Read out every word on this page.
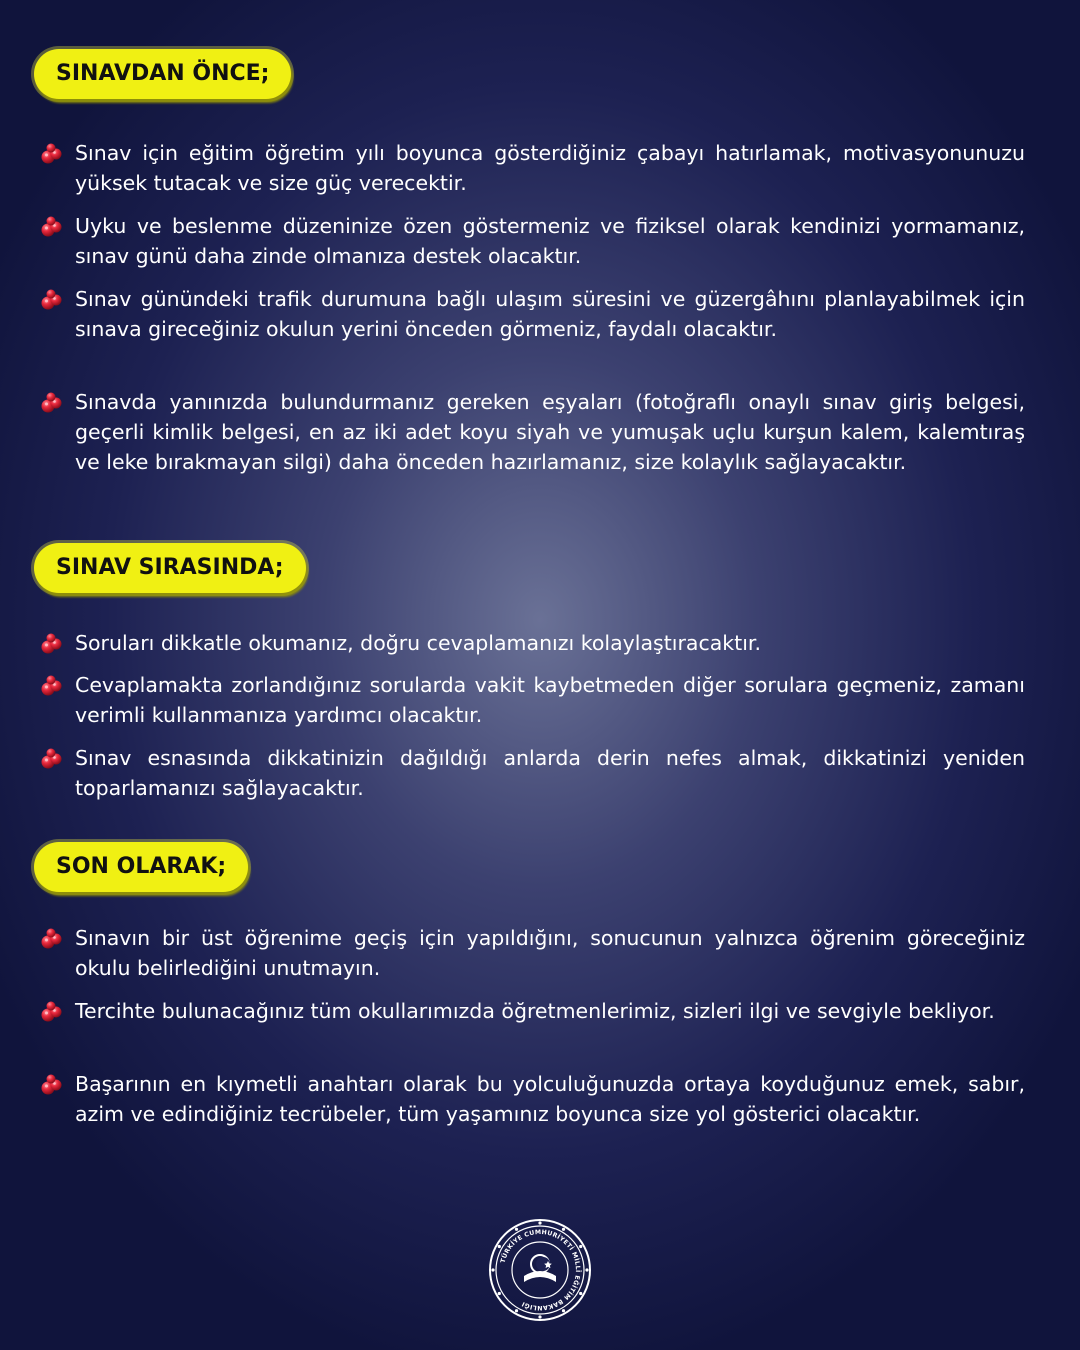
SINAVDAN ÖNCE;
Sınav için eğitim öğretim yılı boyunca gösterdiğiniz çabayı hatırlamak, motivasyonunuzu yüksek tutacak ve size güç verecektir.
Uyku ve beslenme düzeninize özen göstermeniz ve fiziksel olarak kendinizi yormamanız, sınav günü daha zinde olmanıza destek olacaktır.
Sınav günündeki trafik durumuna bağlı ulaşım süresini ve güzergâhını planlayabilmek için sınava gireceğiniz okulun yerini önceden görmeniz, faydalı olacaktır.
Sınavda yanınızda bulundurmanız gereken eşyaları (fotoğraflı onaylı sınav giriş belgesi, geçerli kimlik belgesi, en az iki adet koyu siyah ve yumuşak uçlu kurşun kalem, kalemtıraş ve leke bırakmayan silgi) daha önceden hazırlamanız, size kolaylık sağlayacaktır.
SINAV SIRASINDA;
Soruları dikkatle okumanız, doğru cevaplamanızı kolaylaştıracaktır.
Cevaplamakta zorlandığınız sorularda vakit kaybetmeden diğer sorulara geçmeniz, zamanı verimli kullanmanıza yardımcı olacaktır.
Sınav esnasında dikkatinizin dağıldığı anlarda derin nefes almak, dikkatinizi yeniden toparlamanızı sağlayacaktır.
SON OLARAK;
Sınavın bir üst öğrenime geçiş için yapıldığını, sonucunun yalnızca öğrenim göreceğiniz okulu belirlediğini unutmayın.
Tercihte bulunacağınız tüm okullarımızda öğretmenlerimiz, sizleri ilgi ve sevgiyle bekliyor.
Başarının en kıymetli anahtarı olarak bu yolculuğunuzda ortaya koyduğunuz emek, sabır, azim ve edindiğiniz tecrübeler, tüm yaşamınız boyunca size yol gösterici olacaktır.
TÜRKİYE CUMHURİYETİ MİLLÎ EĞİTİM BAKANLIĞI
